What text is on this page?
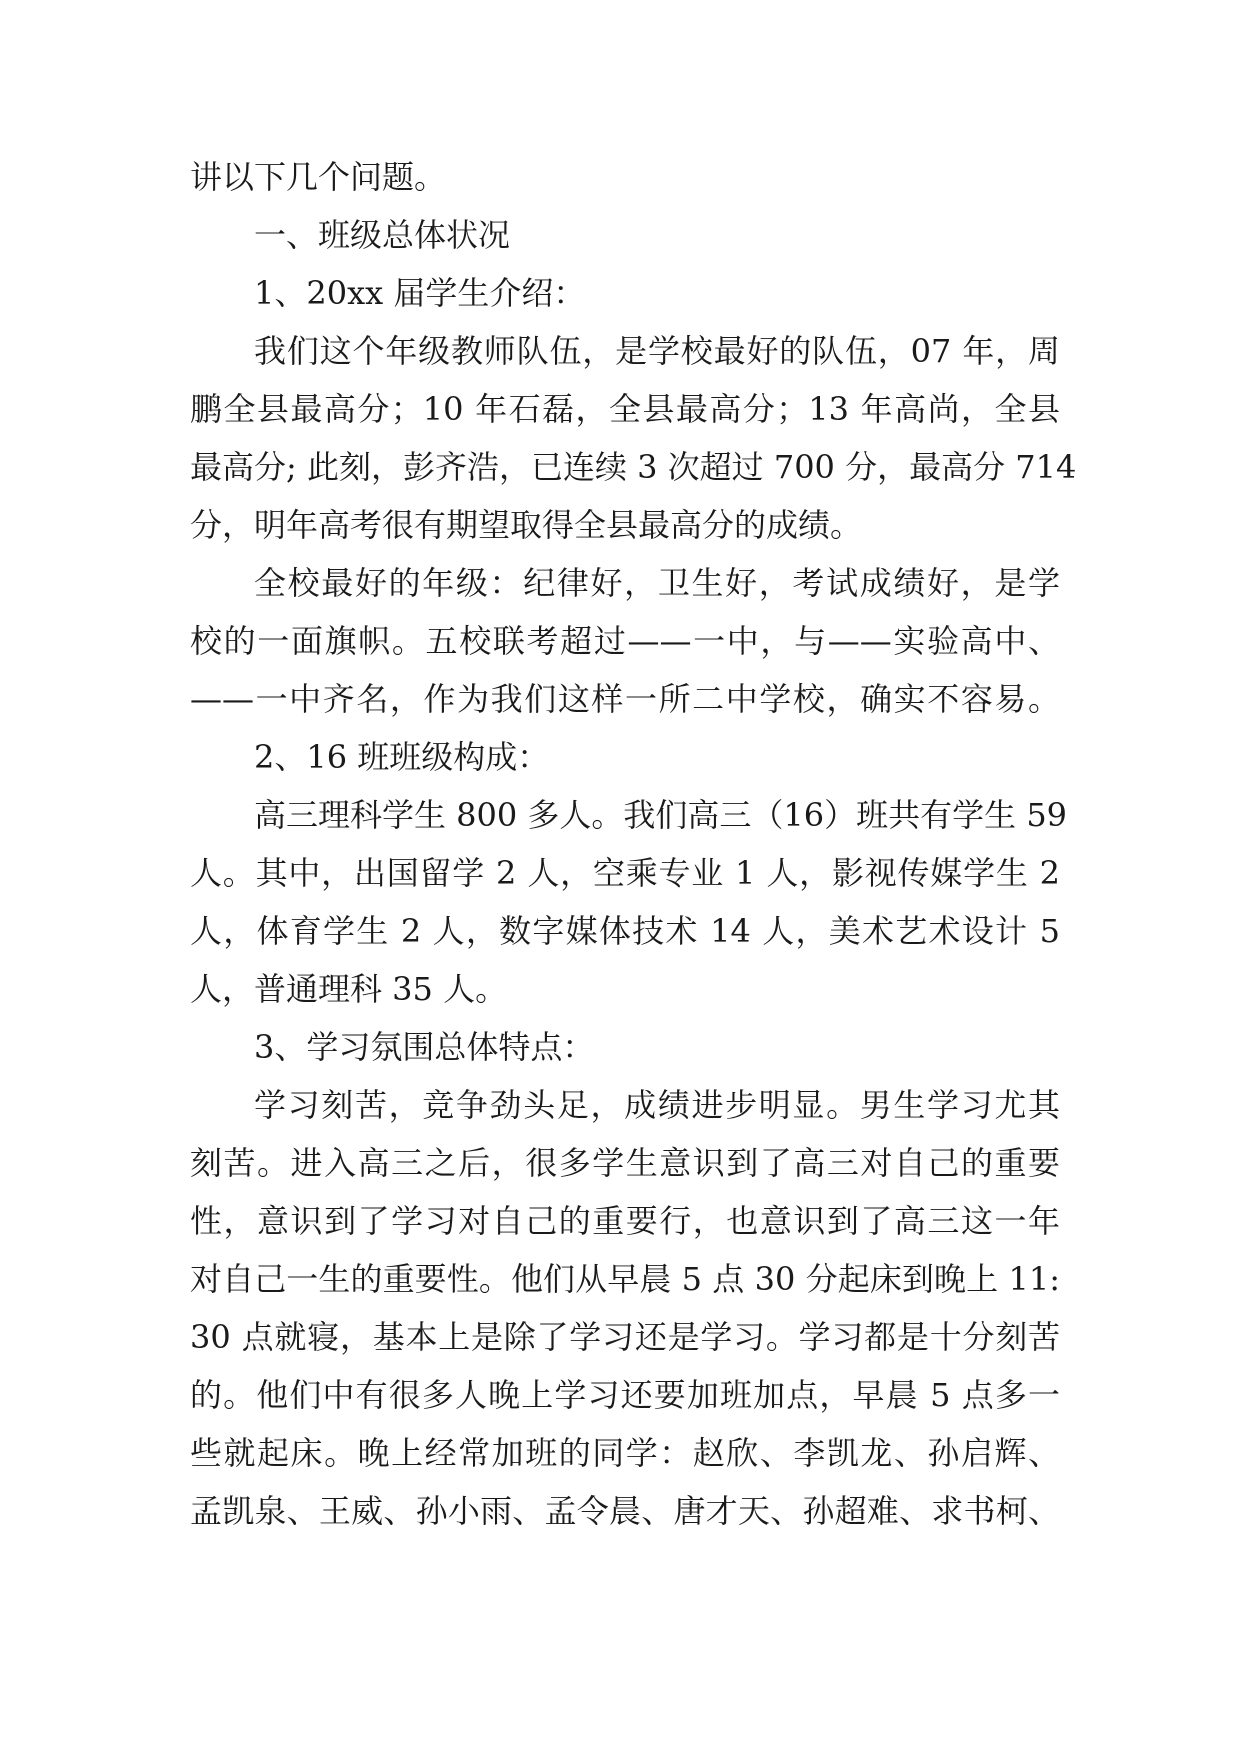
讲以下几个问题。
一、班级总体状况
1、20xx 届学生介绍：
我们这个年级教师队伍，是学校最好的队伍，07 年，周
鹏全县最高分；10 年石磊，全县最高分；13 年高尚，全县
最高分; 此刻，彭齐浩，已连续 3 次超过 700 分，最高分 714
分，明年高考很有期望取得全县最高分的成绩。
全校最好的年级：纪律好，卫生好，考试成绩好，是学
校的一面旗帜。五校联考超过——一中，与——实验高中、
——一中齐名，作为我们这样一所二中学校，确实不容易。
2、16 班班级构成：
高三理科学生 800 多人。我们高三（16）班共有学生 59
人。其中，出国留学 2 人，空乘专业 1 人，影视传媒学生 2
人，体育学生 2 人，数字媒体技术 14 人，美术艺术设计 5
人，普通理科 35 人。
3、学习氛围总体特点：
学习刻苦，竞争劲头足，成绩进步明显。男生学习尤其
刻苦。进入高三之后，很多学生意识到了高三对自己的重要
性，意识到了学习对自己的重要行，也意识到了高三这一年
对自己一生的重要性。他们从早晨 5 点 30 分起床到晚上 11:
30 点就寝，基本上是除了学习还是学习。学习都是十分刻苦
的。他们中有很多人晚上学习还要加班加点，早晨 5 点多一
些就起床。晚上经常加班的同学：赵欣、李凯龙、孙启辉、
孟凯泉、王威、孙小雨、孟令晨、唐才天、孙超难、求书柯、
